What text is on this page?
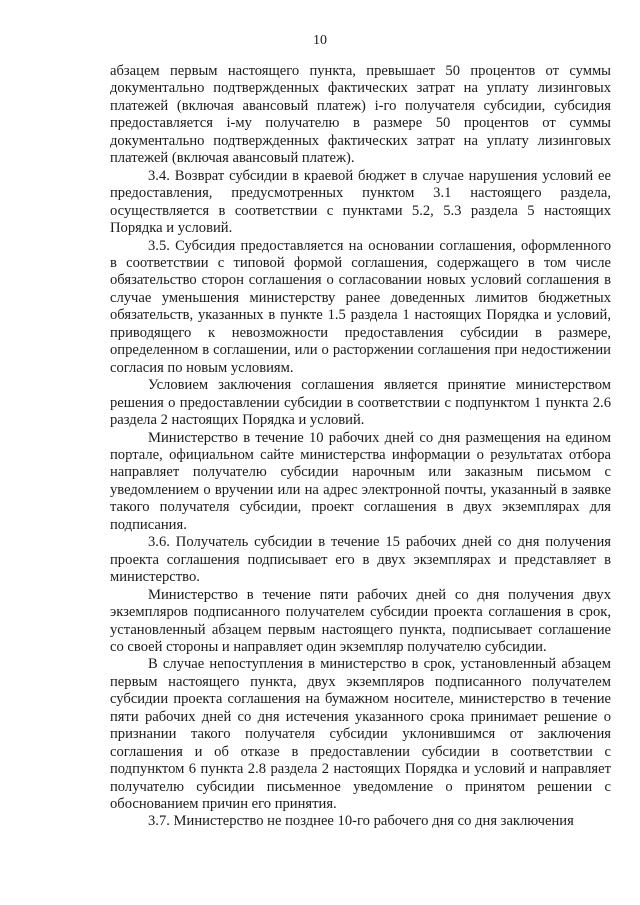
10

абзацем первым настоящего пункта, превышает 50 процентов от суммы документально подтвержденных фактических затрат на уплату лизинговых платежей (включая авансовый платеж) i-го получателя субсидии, субсидия предоставляется i-му получателю в размере 50 процентов от суммы документально подтвержденных фактических затрат на уплату лизинговых платежей (включая авансовый платеж).

3.4. Возврат субсидии в краевой бюджет в случае нарушения условий ее предоставления, предусмотренных пунктом 3.1 настоящего раздела, осуществляется в соответствии с пунктами 5.2, 5.3 раздела 5 настоящих Порядка и условий.

3.5. Субсидия предоставляется на основании соглашения, оформленного в соответствии с типовой формой соглашения, содержащего в том числе обязательство сторон соглашения о согласовании новых условий соглашения в случае уменьшения министерству ранее доведенных лимитов бюджетных обязательств, указанных в пункте 1.5 раздела 1 настоящих Порядка и условий, приводящего к невозможности предоставления субсидии в размере, определенном в соглашении, или о расторжении соглашения при недостижении согласия по новым условиям.

Условием заключения соглашения является принятие министерством решения о предоставлении субсидии в соответствии с подпунктом 1 пункта 2.6 раздела 2 настоящих Порядка и условий.

Министерство в течение 10 рабочих дней со дня размещения на едином портале, официальном сайте министерства информации о результатах отбора направляет получателю субсидии нарочным или заказным письмом с уведомлением о вручении или на адрес электронной почты, указанный в заявке такого получателя субсидии, проект соглашения в двух экземплярах для подписания.

3.6. Получатель субсидии в течение 15 рабочих дней со дня получения проекта соглашения подписывает его в двух экземплярах и представляет в министерство.

Министерство в течение пяти рабочих дней со дня получения двух экземпляров подписанного получателем субсидии проекта соглашения в срок, установленный абзацем первым настоящего пункта, подписывает соглашение со своей стороны и направляет один экземпляр получателю субсидии.

В случае непоступления в министерство в срок, установленный абзацем первым настоящего пункта, двух экземпляров подписанного получателем субсидии проекта соглашения на бумажном носителе, министерство в течение пяти рабочих дней со дня истечения указанного срока принимает решение о признании такого получателя субсидии уклонившимся от заключения соглашения и об отказе в предоставлении субсидии в соответствии с подпунктом 6 пункта 2.8 раздела 2 настоящих Порядка и условий и направляет получателю субсидии письменное уведомление о принятом решении с обоснованием причин его принятия.

3.7. Министерство не позднее 10-го рабочего дня со дня заключения
